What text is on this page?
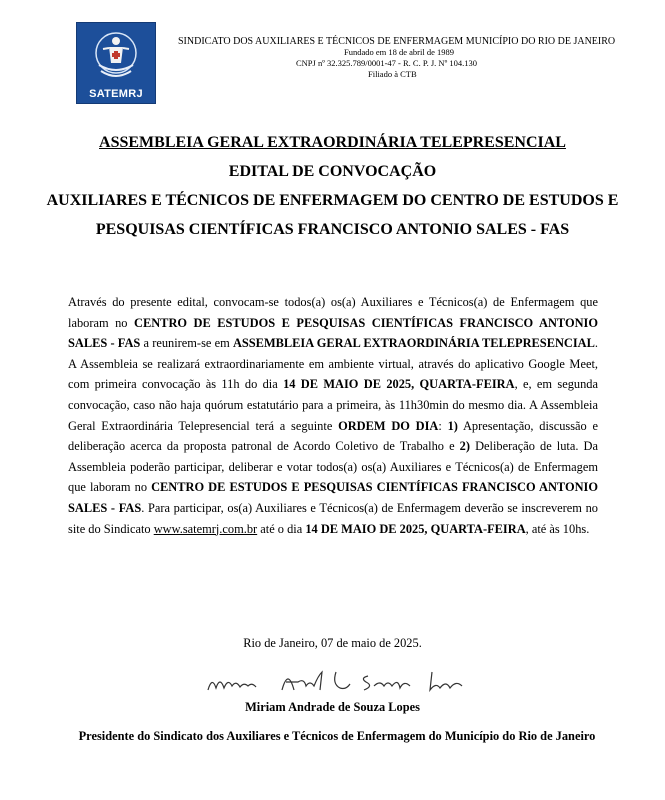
SATEMRJ
SINDICATO DOS AUXILIARES E TÉCNICOS DE ENFERMAGEM MUNICÍPIO DO RIO DE JANEIRO
Fundado em 18 de abril de 1989
CNPJ nº 32.325.789/0001-47 - R. C. P. J. Nº 104.130
Filiado à CTB
ASSEMBLEIA GERAL EXTRAORDINÁRIA TELEPRESENCIAL
EDITAL DE CONVOCAÇÃO
AUXILIARES E TÉCNICOS DE ENFERMAGEM DO CENTRO DE ESTUDOS E PESQUISAS CIENTÍFICAS FRANCISCO ANTONIO SALES - FAS
Através do presente edital, convocam-se todos(a) os(a) Auxiliares e Técnicos(a) de Enfermagem que laboram no CENTRO DE ESTUDOS E PESQUISAS CIENTÍFICAS FRANCISCO ANTONIO SALES - FAS a reunirem-se em ASSEMBLEIA GERAL EXTRAORDINÁRIA TELEPRESENCIAL. A Assembleia se realizará extraordinariamente em ambiente virtual, através do aplicativo Google Meet, com primeira convocação às 11h do dia 14 DE MAIO DE 2025, QUARTA-FEIRA, e, em segunda convocação, caso não haja quórum estatutário para a primeira, às 11h30min do mesmo dia. A Assembleia Geral Extraordinária Telepresencial terá a seguinte ORDEM DO DIA: 1) Apresentação, discussão e deliberação acerca da proposta patronal de Acordo Coletivo de Trabalho e 2) Deliberação de luta. Da Assembleia poderão participar, deliberar e votar todos(a) os(a) Auxiliares e Técnicos(a) de Enfermagem que laboram no CENTRO DE ESTUDOS E PESQUISAS CIENTÍFICAS FRANCISCO ANTONIO SALES - FAS. Para participar, os(a) Auxiliares e Técnicos(a) de Enfermagem deverão se inscreverem no site do Sindicato www.satemrj.com.br até o dia 14 DE MAIO DE 2025, QUARTA-FEIRA, até às 10hs.
Rio de Janeiro, 07 de maio de 2025.
Miriam Andrade de Souza Lopes
Presidente do Sindicato dos Auxiliares e Técnicos de Enfermagem do Município do Rio de Janeiro
